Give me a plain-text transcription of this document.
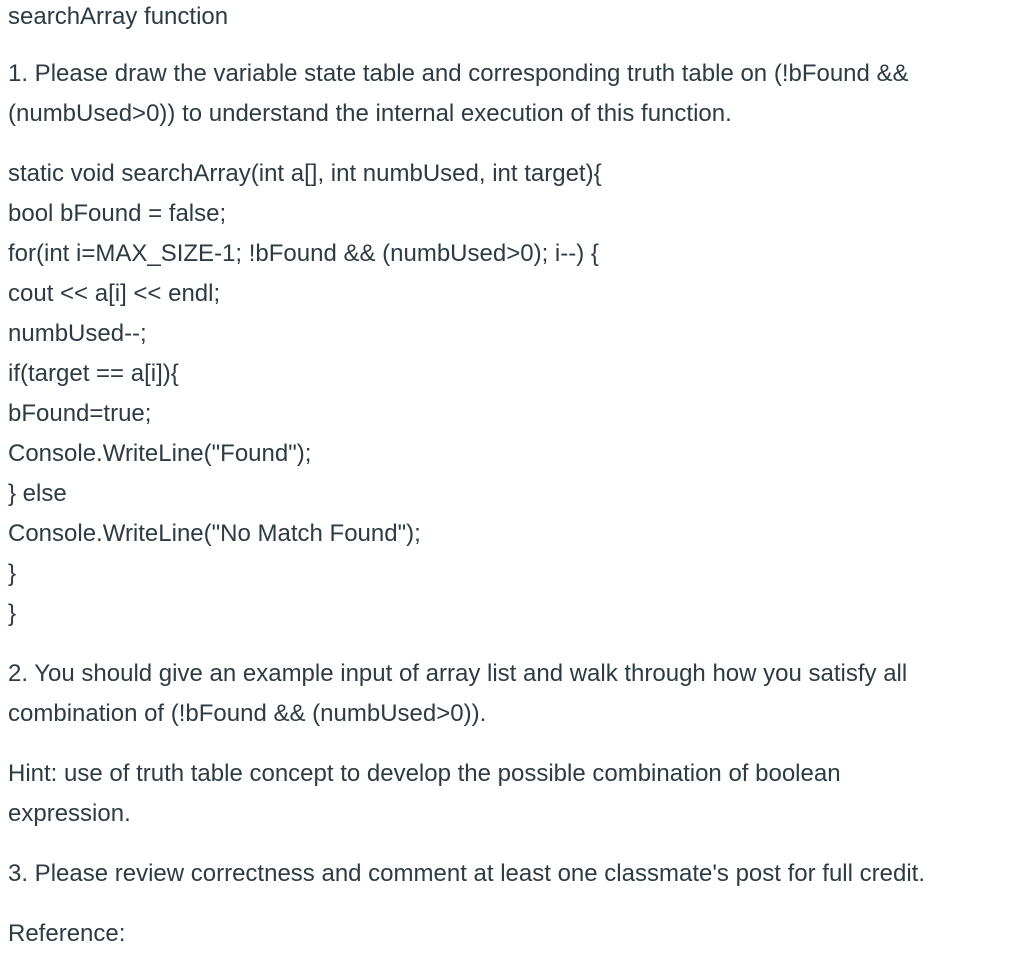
searchArray function

1. Please draw the variable state table and corresponding truth table on (!bFound &&

(numbUsed>0)) to understand the internal execution of this function.

static void searchArray(int a[], int numbUsed, int target){
bool bFound = false;
for(int i=MAX_SIZE-1; !bFound && (numbUsed>0); i--) {
cout << a[i] << endl;
numbUsed--;
if(target == a[i]){
bFound=true;
Console.WriteLine("Found");
} else
Console.WriteLine("No Match Found");
}
}

2. You should give an example input of array list and walk through how you satisfy all

combination of (!bFound && (numbUsed>0)).

Hint: use of truth table concept to develop the possible combination of boolean

expression.

3. Please review correctness and comment at least one classmate's post for full credit.

Reference:
